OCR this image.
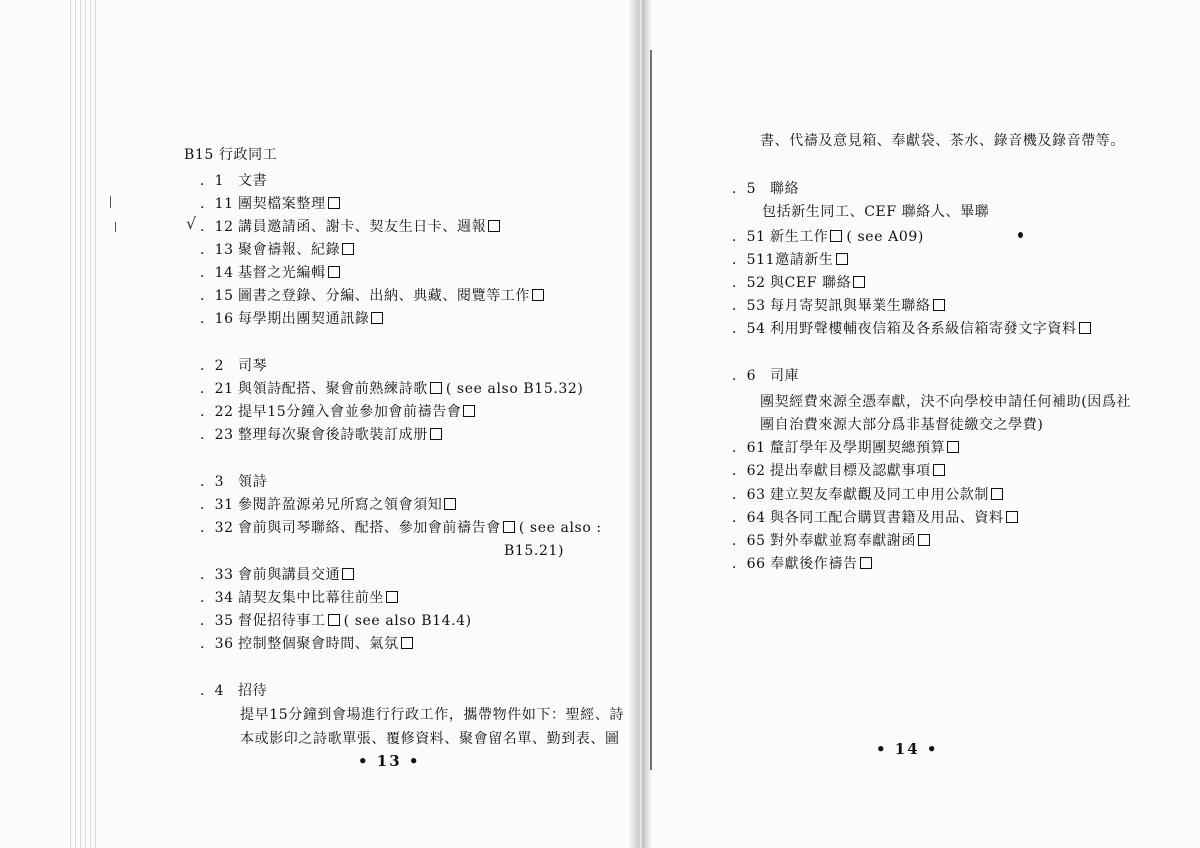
B15 行政同工
√
．1 文書
．11 團契檔案整理
．12 講員邀請函、謝卡、契友生日卡、週報
．13 聚會禱報、紀錄
．14 基督之光編輯
．15 圖書之登錄、分編、出納、典藏、閱覽等工作
．16 每學期出團契通訊錄
．2 司琴
．21 與領詩配搭、聚會前熟練詩歌 ( see also B15.32)
．22 提早15分鐘入會並參加會前禱告會
．23 整理每次聚會後詩歌裝訂成册
．3 領詩
．31 參閱許盈源弟兄所寫之領會須知
．32 會前與司琴聯絡、配搭、參加會前禱告會 ( see also :
B15.21)
．33 會前與講員交通
．34 請契友集中比幕往前坐
．35 督促招待事工 ( see also B14.4)
．36 控制整個聚會時間、氣氛
．4 招待
提早15分鐘到會場進行行政工作，攜帶物件如下：聖經、詩
本或影印之詩歌單張、覆修資料、聚會留名單、勤到表、圖
• 13 •
書、代禱及意見箱、奉獻袋、茶水、錄音機及錄音帶等。
．5 聯絡
包括新生同工、CEF 聯絡人、畢聯
．51 新生工作 ( see A09)
．511邀請新生
．52 與CEF 聯絡
．53 每月寄契訊與畢業生聯絡
．54 利用野聲樓輔夜信箱及各系級信箱寄發文字資料
．6 司庫
團契經費來源全憑奉獻，決不向學校申請任何補助(因爲社
團自治費來源大部分爲非基督徒繳交之學費)
．61 釐訂學年及學期團契總預算
．62 提出奉獻目標及認獻事項
．63 建立契友奉獻觀及同工申用公款制
．64 與各同工配合購買書籍及用品、資料
．65 對外奉獻並寫奉獻謝函
．66 奉獻後作禱告
• 14 •
